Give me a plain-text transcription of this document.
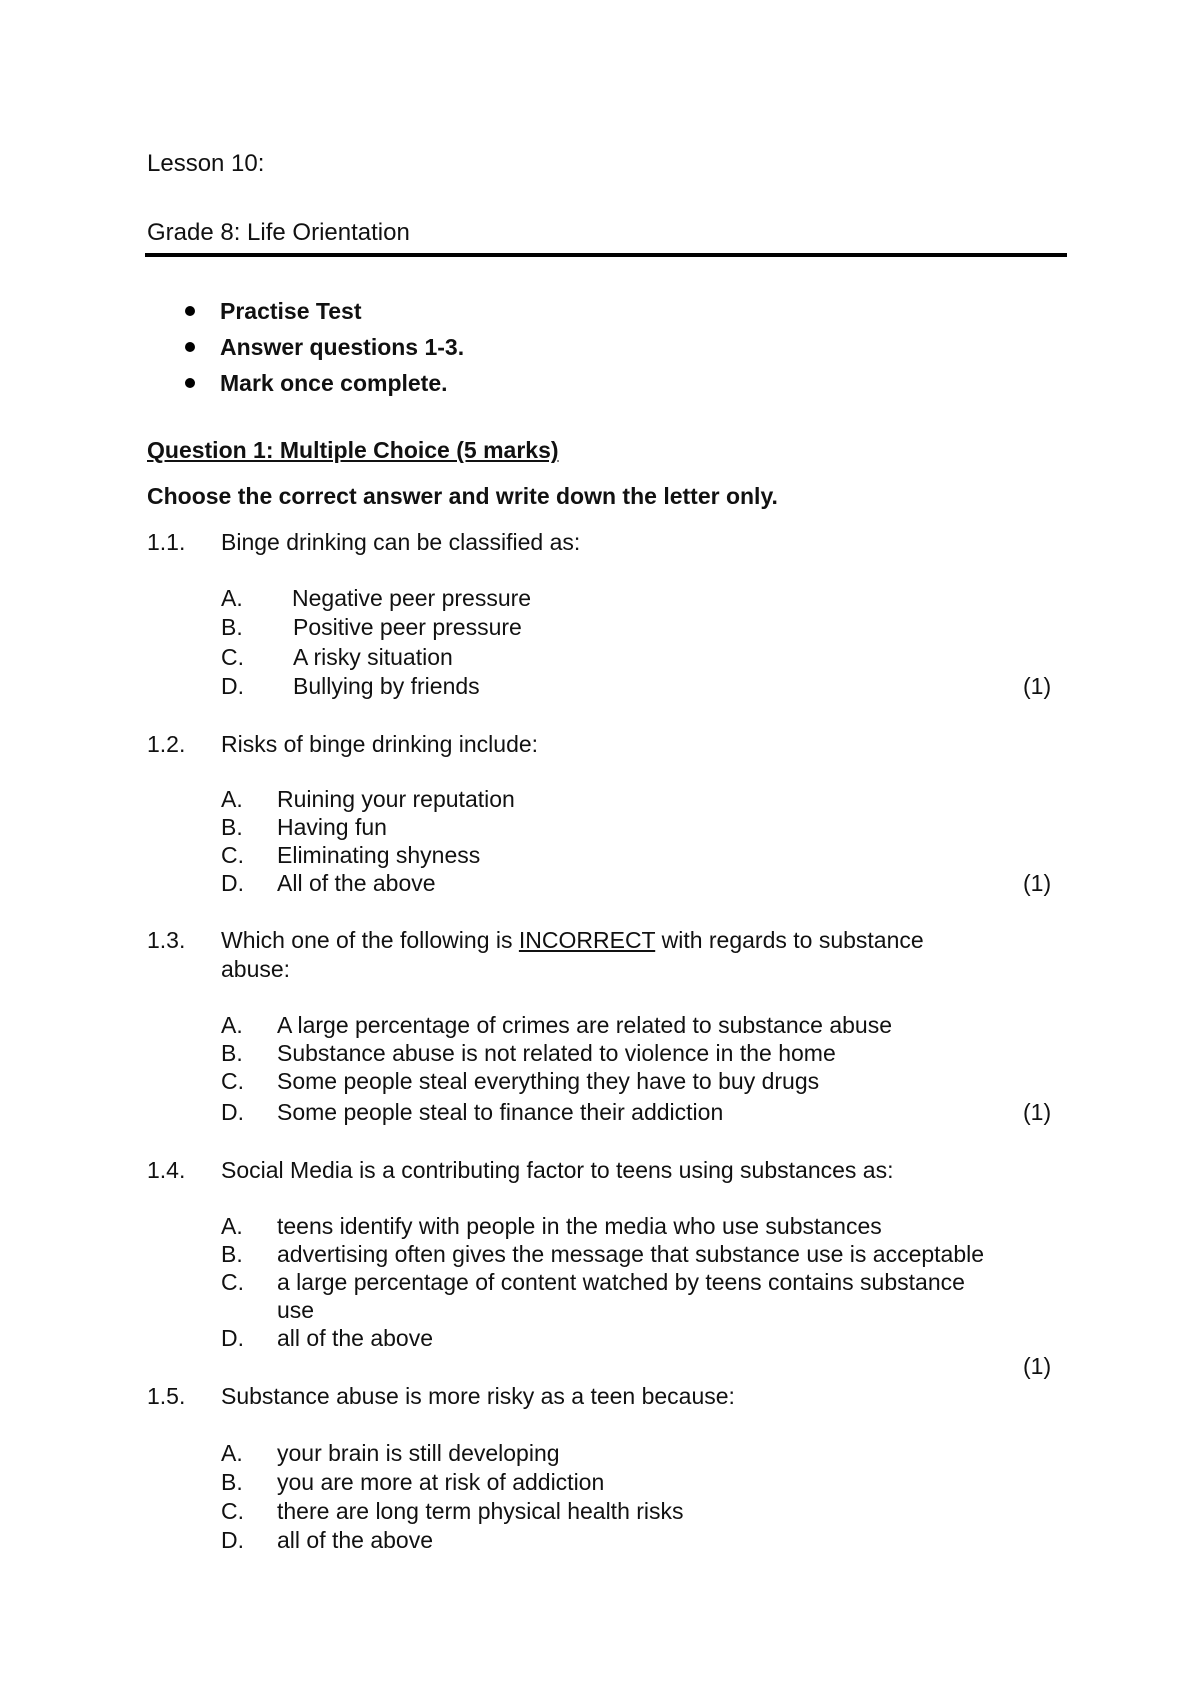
Lesson 10:
Grade 8: Life Orientation
Practise Test
Answer questions 1-3.
Mark once complete.
Question 1: Multiple Choice (5 marks)
Choose the correct answer and write down the letter only.
1.1. Binge drinking can be classified as:
A. Negative peer pressure
B. Positive peer pressure
C. A risky situation
D. Bullying by friends	(1)
1.2. Risks of binge drinking include:
A. Ruining your reputation
B. Having fun
C. Eliminating shyness
D. All of the above	(1)
1.3. Which one of the following is INCORRECT with regards to substance
abuse:
A. A large percentage of crimes are related to substance abuse
B. Substance abuse is not related to violence in the home
C. Some people steal everything they have to buy drugs
D. Some people steal to finance their addiction	(1)
1.4. Social Media is a contributing factor to teens using substances as:
A. teens identify with people in the media who use substances
B. advertising often gives the message that substance use is acceptable
C. a large percentage of content watched by teens contains substance
use
D. all of the above
(1)
1.5. Substance abuse is more risky as a teen because:
A. your brain is still developing
B. you are more at risk of addiction
C. there are long term physical health risks
D. all of the above
